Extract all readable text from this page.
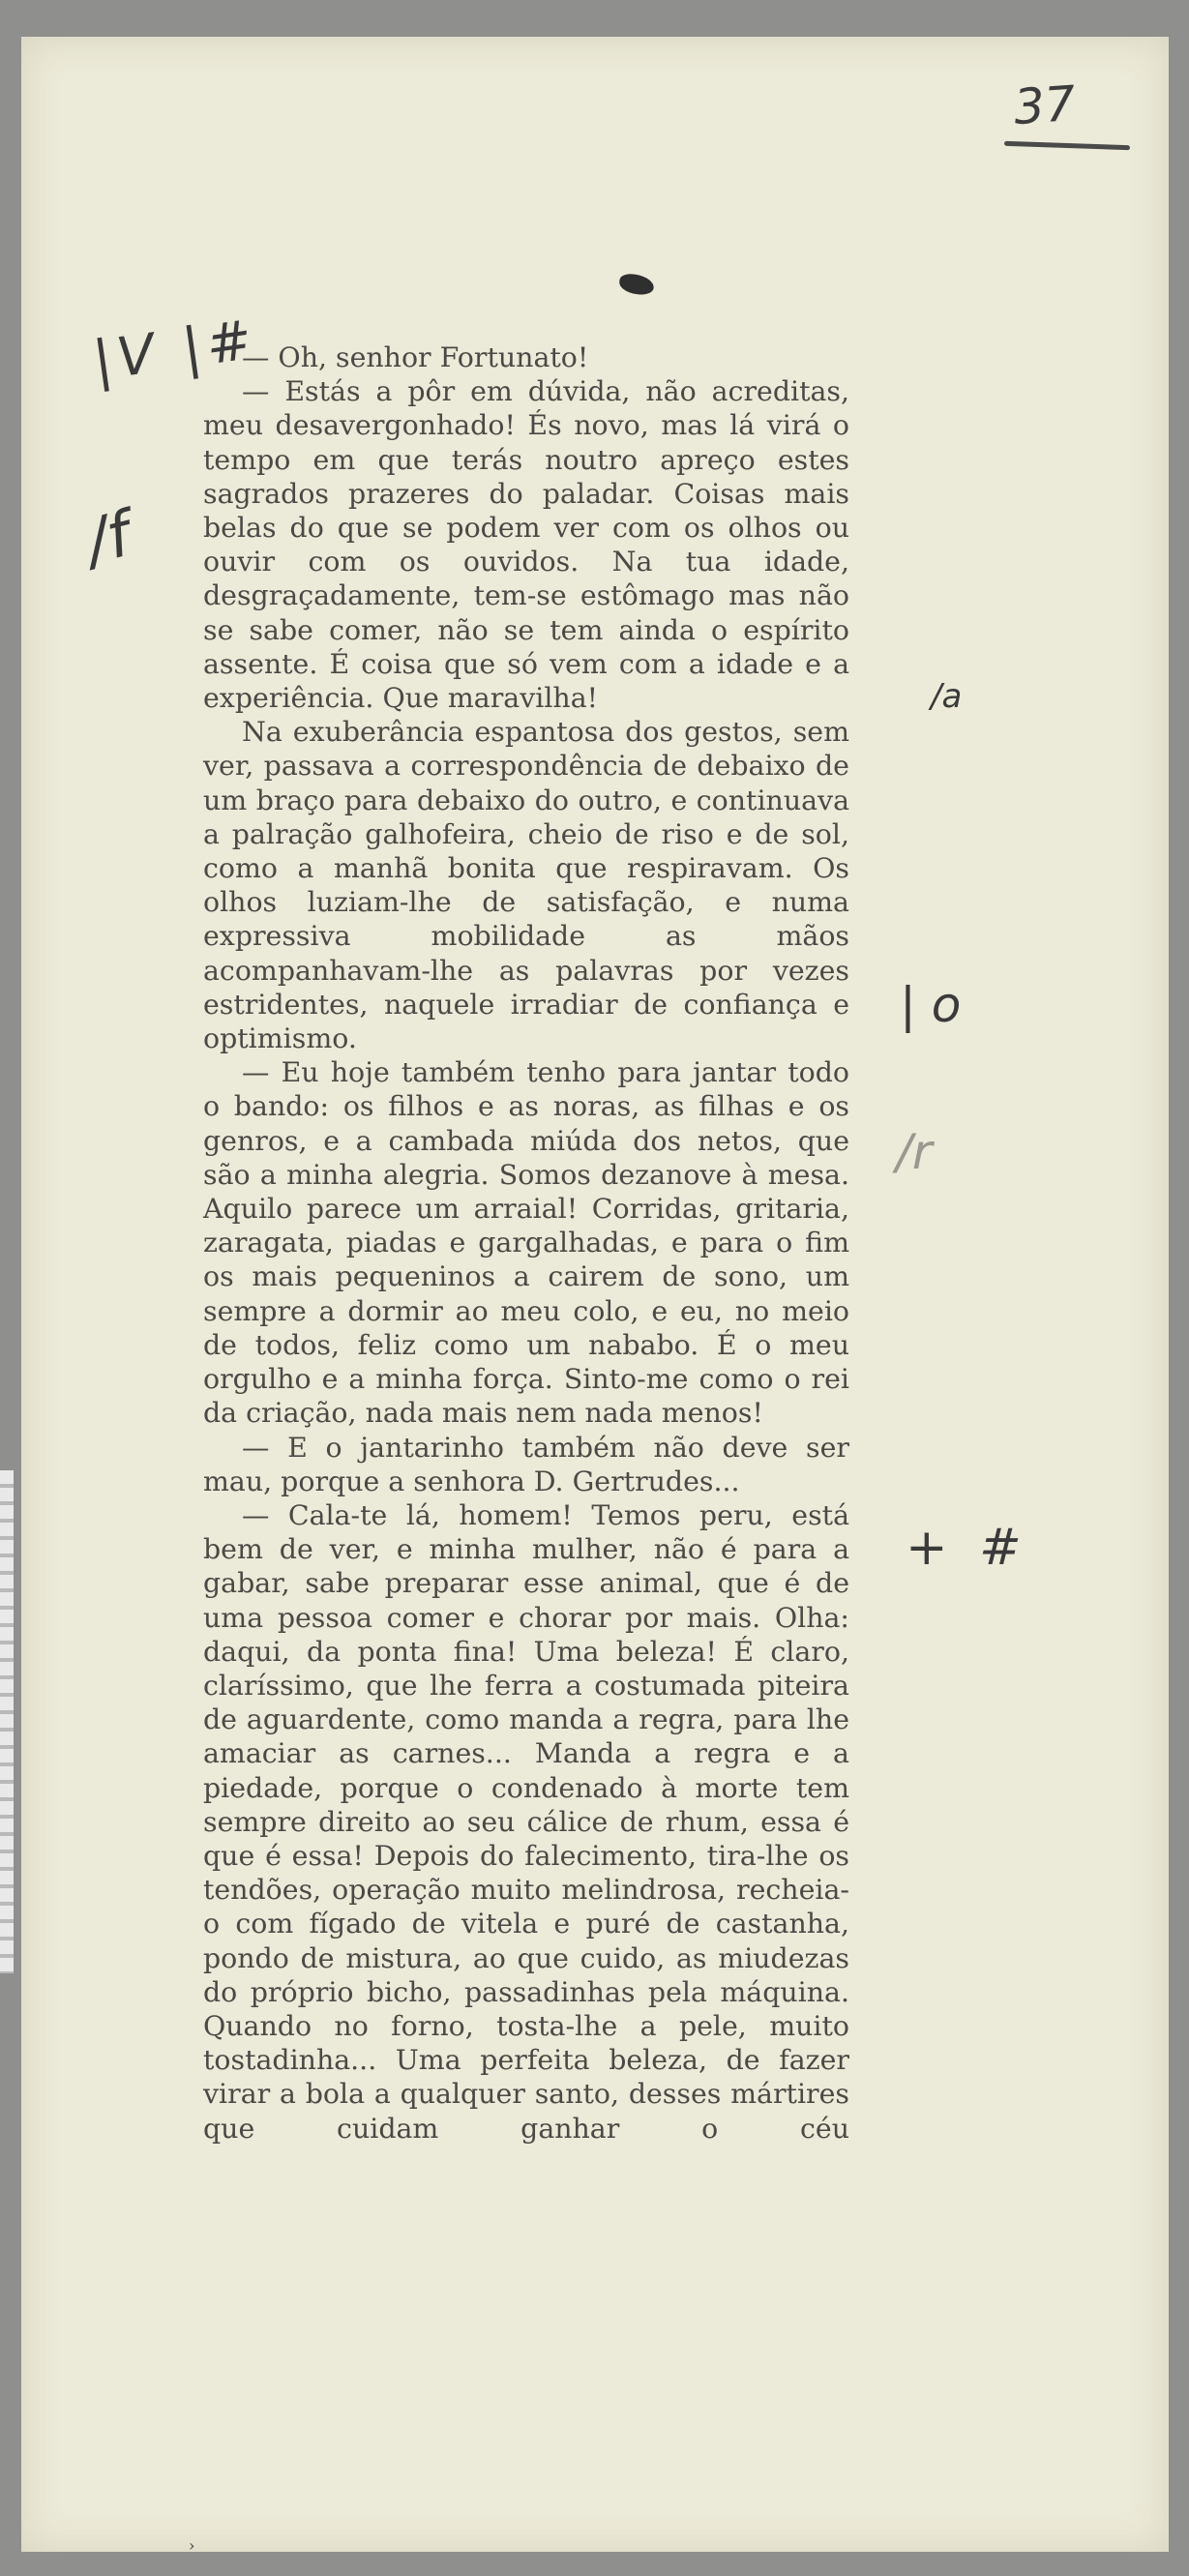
37
|V |#
/f
/a
| o
/r
+ #

— Oh, senhor Fortunato!

— Estás a pôr em dúvida, não acreditas, meu desavergonhado! És novo, mas lá virá o tempo em que terás noutro apreço estes sagrados prazeres do paladar. Coisas mais belas do que se podem ver com os olhos ou ouvir com os ouvidos. Na tua idade, desgraçadamente, tem-se estômago mas não se sabe comer, não se tem ainda o espírito assente. É coisa que só vem com a idade e a experiência. Que maravilha!

Na exuberância espantosa dos gestos, sem ver, passava a correspondência de debaixo de um braço para debaixo do outro, e continuava a palração galhofeira, cheio de riso e de sol, como a manhã bonita que respiravam. Os olhos luziam-lhe de satisfação, e numa expressiva mobilidade as mãos acompanhavam-lhe as palavras por vezes estridentes, naquele irradiar de confiança e optimismo.

— Eu hoje também tenho para jantar todo o bando: os filhos e as noras, as filhas e os genros, e a cambada miúda dos netos, que são a minha alegria. Somos dezanove à mesa. Aquilo parece um arraial! Corridas, gritaria, zaragata, piadas e gargalhadas, e para o fim os mais pequeninos a cairem de sono, um sempre a dormir ao meu colo, e eu, no meio de todos, feliz como um nababo. É o meu orgulho e a minha força. Sinto-me como o rei da criação, nada mais nem nada menos!

— E o jantarinho também não deve ser mau, porque a senhora D. Gertrudes...

— Cala-te lá, homem! Temos peru, está bem de ver, e minha mulher, não é para a gabar, sabe preparar esse animal, que é de uma pessoa comer e chorar por mais. Olha: daqui, da ponta fina! Uma beleza! É claro, claríssimo, que lhe ferra a costumada piteira de aguardente, como manda a regra, para lhe amaciar as carnes... Manda a regra e a piedade, porque o condenado à morte tem sempre direito ao seu cálice de rhum, essa é que é essa! Depois do falecimento, tira-lhe os tendões, operação muito melindrosa, recheia-o com fígado de vitela e puré de castanha, pondo de mistura, ao que cuido, as miudezas do próprio bicho, passadinhas pela máquina. Quando no forno, tosta-lhe a pele, muito tostadinha... Uma perfeita beleza, de fazer virar a bola a qualquer santo, desses mártires que cuidam ganhar o céu

›
